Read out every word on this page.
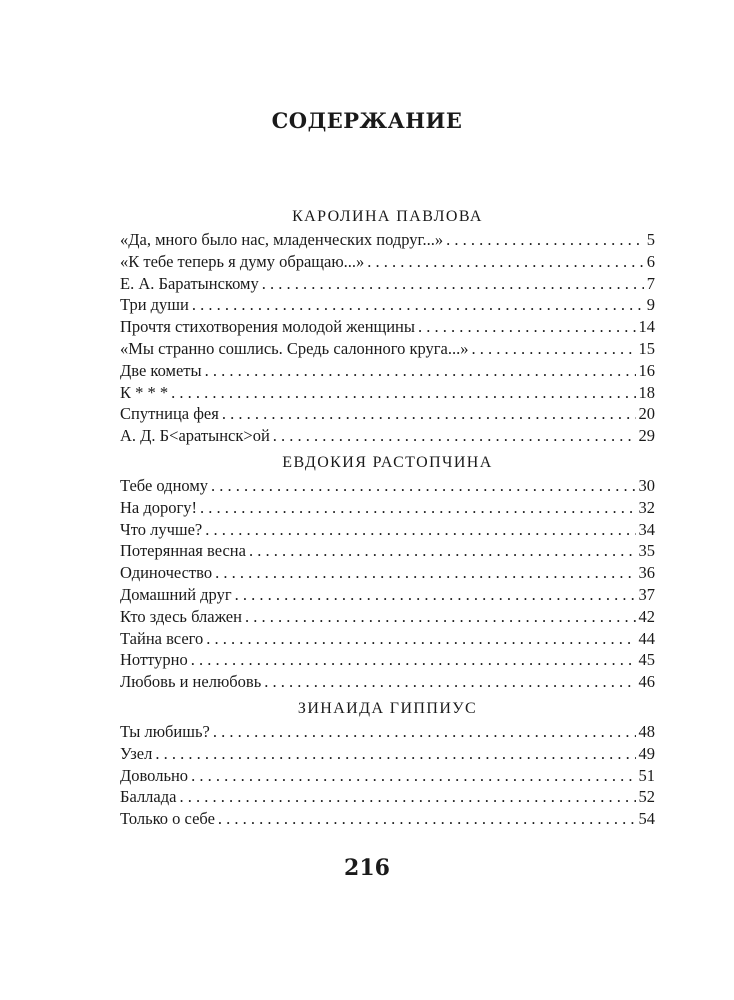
СОДЕРЖАНИЕ
КАРОЛИНА ПАВЛОВА
«Да, много было нас, младенческих подруг...» . . .	5
«К тебе теперь я думу обращаю...» . . .	6
Е. А. Баратынскому . . .	7
Три души . . .	9
Прочтя стихотворения молодой женщины . . .	14
«Мы странно сошлись. Средь салонного круга...» . . .	15
Две кометы . . .	16
К * * * . . .	18
Спутница фея . . .	20
А. Д. Б<аратынск>ой . . .	29
ЕВДОКИЯ РАСТОПЧИНА
Тебе одному . . .	30
На дорогу! . . .	32
Что лучше? . . .	34
Потерянная весна . . .	35
Одиночество . . .	36
Домашний друг . . .	37
Кто здесь блажен . . .	42
Тайна всего . . .	44
Ноттурно . . .	45
Любовь и нелюбовь . . .	46
ЗИНАИДА ГИППИУС
Ты любишь? . . .	48
Узел . . .	49
Довольно . . .	51
Баллада . . .	52
Только о себе . . .	54
216
